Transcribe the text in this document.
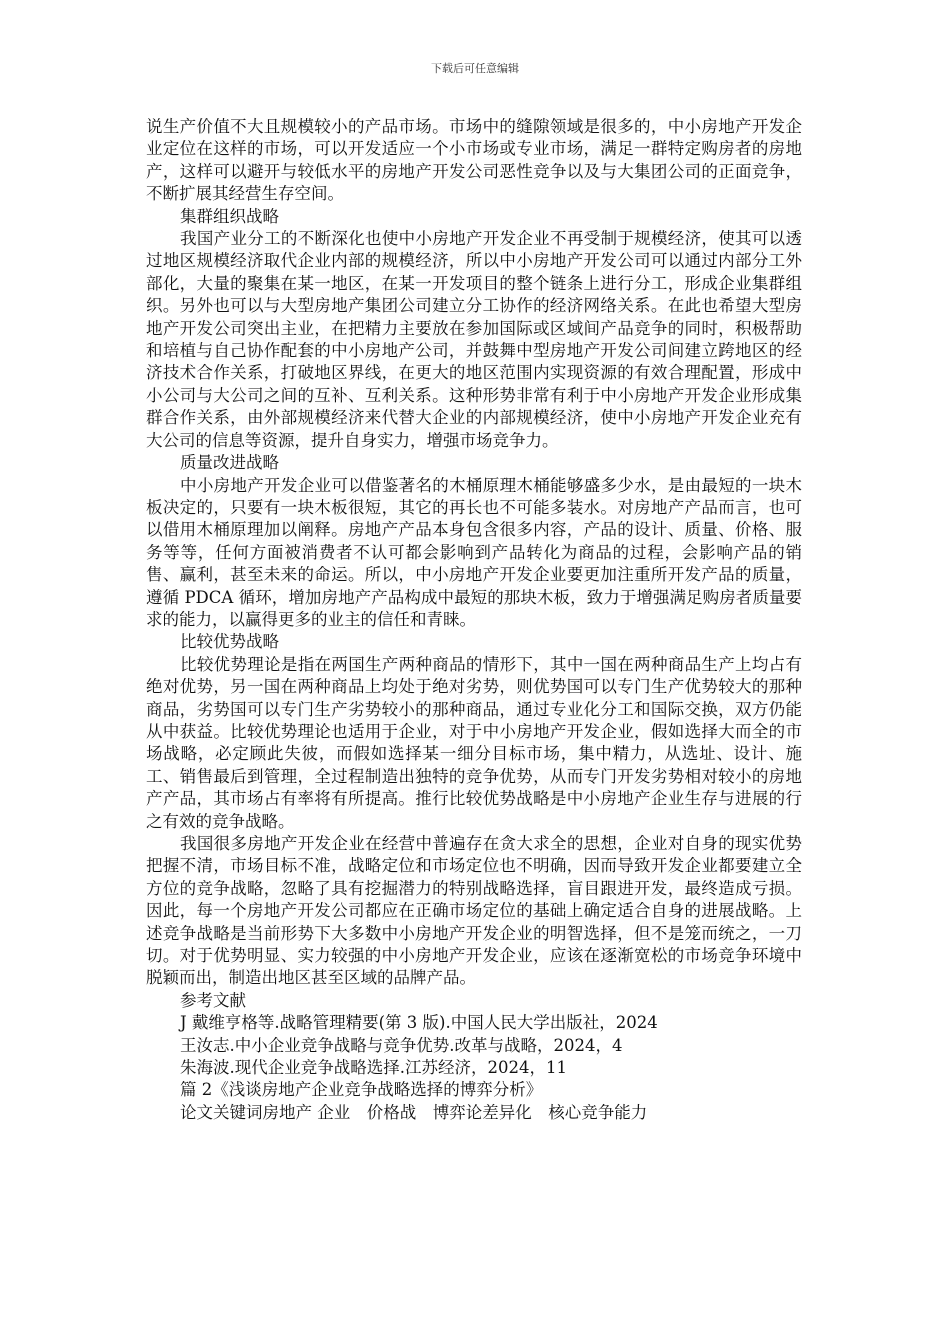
下载后可任意编辑

说生产价值不大且规模较小的产品市场。市场中的缝隙领域是很多的，中小房地产开发企业定位在这样的市场，可以开发适应一个小市场或专业市场，满足一群特定购房者的房地产，这样可以避开与较低水平的房地产开发公司恶性竞争以及与大集团公司的正面竞争，不断扩展其经营生存空间。

集群组织战略

我国产业分工的不断深化也使中小房地产开发企业不再受制于规模经济，使其可以透过地区规模经济取代企业内部的规模经济，所以中小房地产开发公司可以通过内部分工外部化，大量的聚集在某一地区，在某一开发项目的整个链条上进行分工，形成企业集群组织。另外也可以与大型房地产集团公司建立分工协作的经济网络关系。在此也希望大型房地产开发公司突出主业，在把精力主要放在参加国际或区域间产品竞争的同时，积极帮助和培植与自己协作配套的中小房地产公司，并鼓舞中型房地产开发公司间建立跨地区的经济技术合作关系，打破地区界线，在更大的地区范围内实现资源的有效合理配置，形成中小公司与大公司之间的互补、互利关系。这种形势非常有利于中小房地产开发企业形成集群合作关系，由外部规模经济来代替大企业的内部规模经济，使中小房地产开发企业充有大公司的信息等资源，提升自身实力，增强市场竞争力。

质量改进战略

中小房地产开发企业可以借鉴著名的木桶原理木桶能够盛多少水，是由最短的一块木板决定的，只要有一块木板很短，其它的再长也不可能多装水。对房地产产品而言，也可以借用木桶原理加以阐释。房地产产品本身包含很多内容，产品的设计、质量、价格、服务等等，任何方面被消费者不认可都会影响到产品转化为商品的过程，会影响产品的销售、赢利，甚至未来的命运。所以，中小房地产开发企业要更加注重所开发产品的质量，遵循 PDCA 循环，增加房地产产品构成中最短的那块木板，致力于增强满足购房者质量要求的能力，以赢得更多的业主的信任和青睐。

比较优势战略

比较优势理论是指在两国生产两种商品的情形下，其中一国在两种商品生产上均占有绝对优势，另一国在两种商品上均处于绝对劣势，则优势国可以专门生产优势较大的那种商品，劣势国可以专门生产劣势较小的那种商品，通过专业化分工和国际交换，双方仍能从中获益。比较优势理论也适用于企业，对于中小房地产开发企业，假如选择大而全的市场战略，必定顾此失彼，而假如选择某一细分目标市场，集中精力，从选址、设计、施工、销售最后到管理，全过程制造出独特的竞争优势，从而专门开发劣势相对较小的房地产产品，其市场占有率将有所提高。推行比较优势战略是中小房地产企业生存与进展的行之有效的竞争战略。

我国很多房地产开发企业在经营中普遍存在贪大求全的思想，企业对自身的现实优势把握不清，市场目标不准，战略定位和市场定位也不明确，因而导致开发企业都要建立全方位的竞争战略，忽略了具有挖掘潜力的特别战略选择，盲目跟进开发，最终造成亏损。因此，每一个房地产开发公司都应在正确市场定位的基础上确定适合自身的进展战略。上述竞争战略是当前形势下大多数中小房地产开发企业的明智选择，但不是笼而统之，一刀切。对于优势明显、实力较强的中小房地产开发企业，应该在逐渐宽松的市场竞争环境中脱颖而出，制造出地区甚至区域的品牌产品。

参考文献

J 戴维亨格等.战略管理精要(第 3 版).中国人民大学出版社，2024

王汝志.中小企业竞争战略与竞争优势.改革与战略，2024，4

朱海波.现代企业竞争战略选择.江苏经济，2024，11

篇 2《浅谈房地产企业竞争战略选择的博弈分析》

论文关键词房地产 企业　价格战　博弈论差异化　核心竞争能力
